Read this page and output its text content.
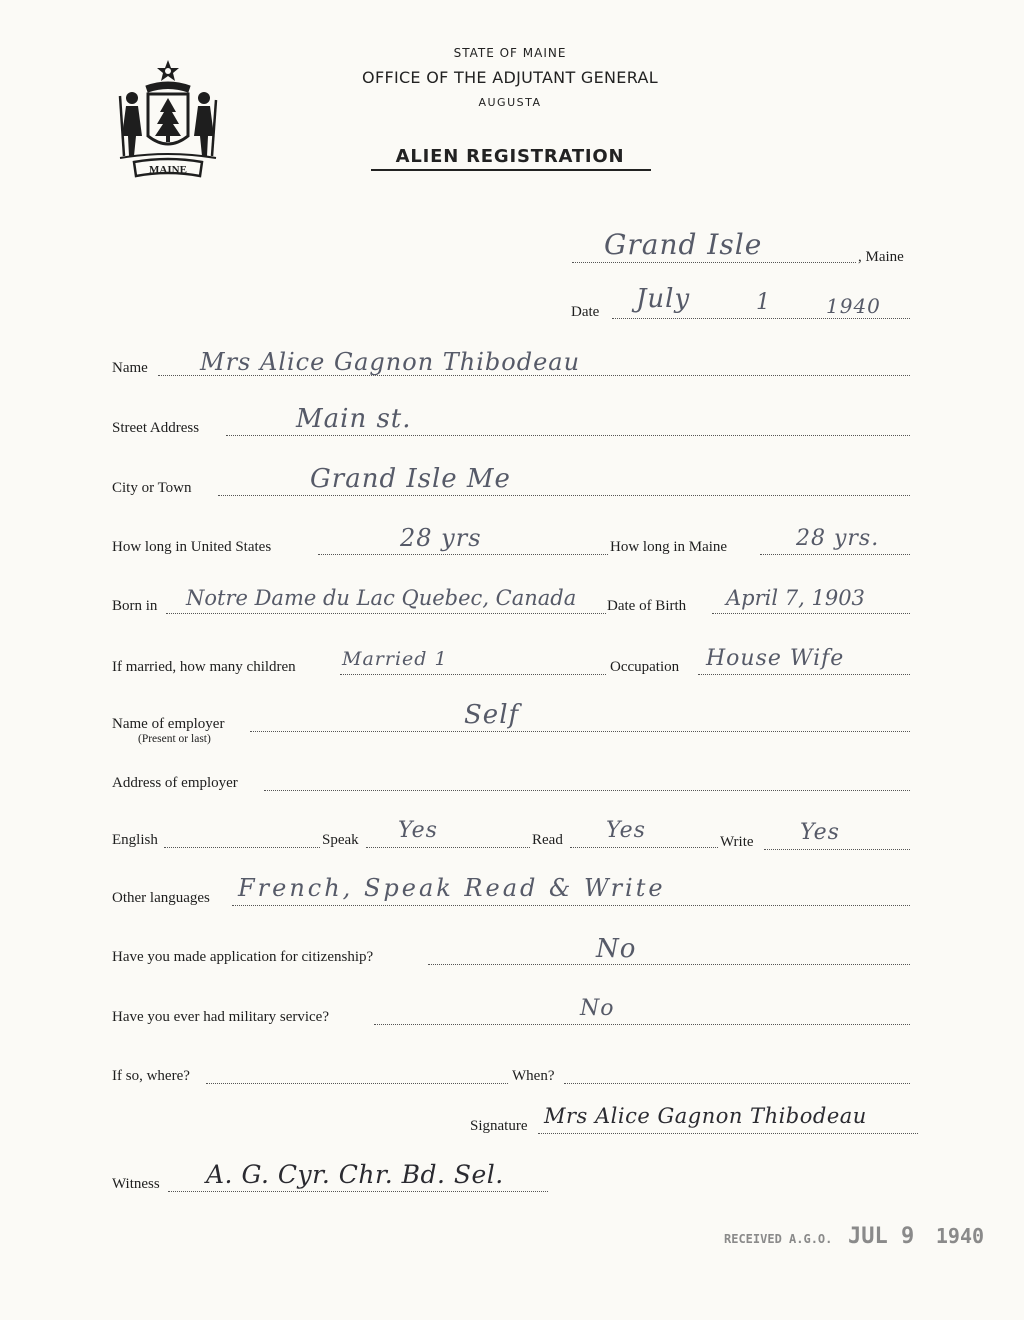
MAINE
STATE OF MAINE
OFFICE OF THE ADJUTANT GENERAL
AUGUSTA
ALIEN REGISTRATION
Grand Isle	, Maine
Date July	1	1940
Name Mrs Alice Gagnon Thibodeau
Street Address	Main st.
City or Town	Grand Isle Me
How long in United States	28 yrs	How long in Maine	28 yrs.
Born in Notre Dame du Lac Quebec, Canada Date of Birth April 7, 1903
If married, how many children Married 1	Occupation House Wife
Name of employer
(Present or last)
Self
Address of employer
English	Speak Yes	Read Yes	Write Yes
Other languages French, Speak Read & Write
Have you made application for citizenship?	No
Have you ever had military service?	No
If so, where?	When?
Signature Mrs Alice Gagnon Thibodeau
Witness A. G. Cyr. Chr. Bd. Sel.
RECEIVED A.G.O. JUL 9 1940
